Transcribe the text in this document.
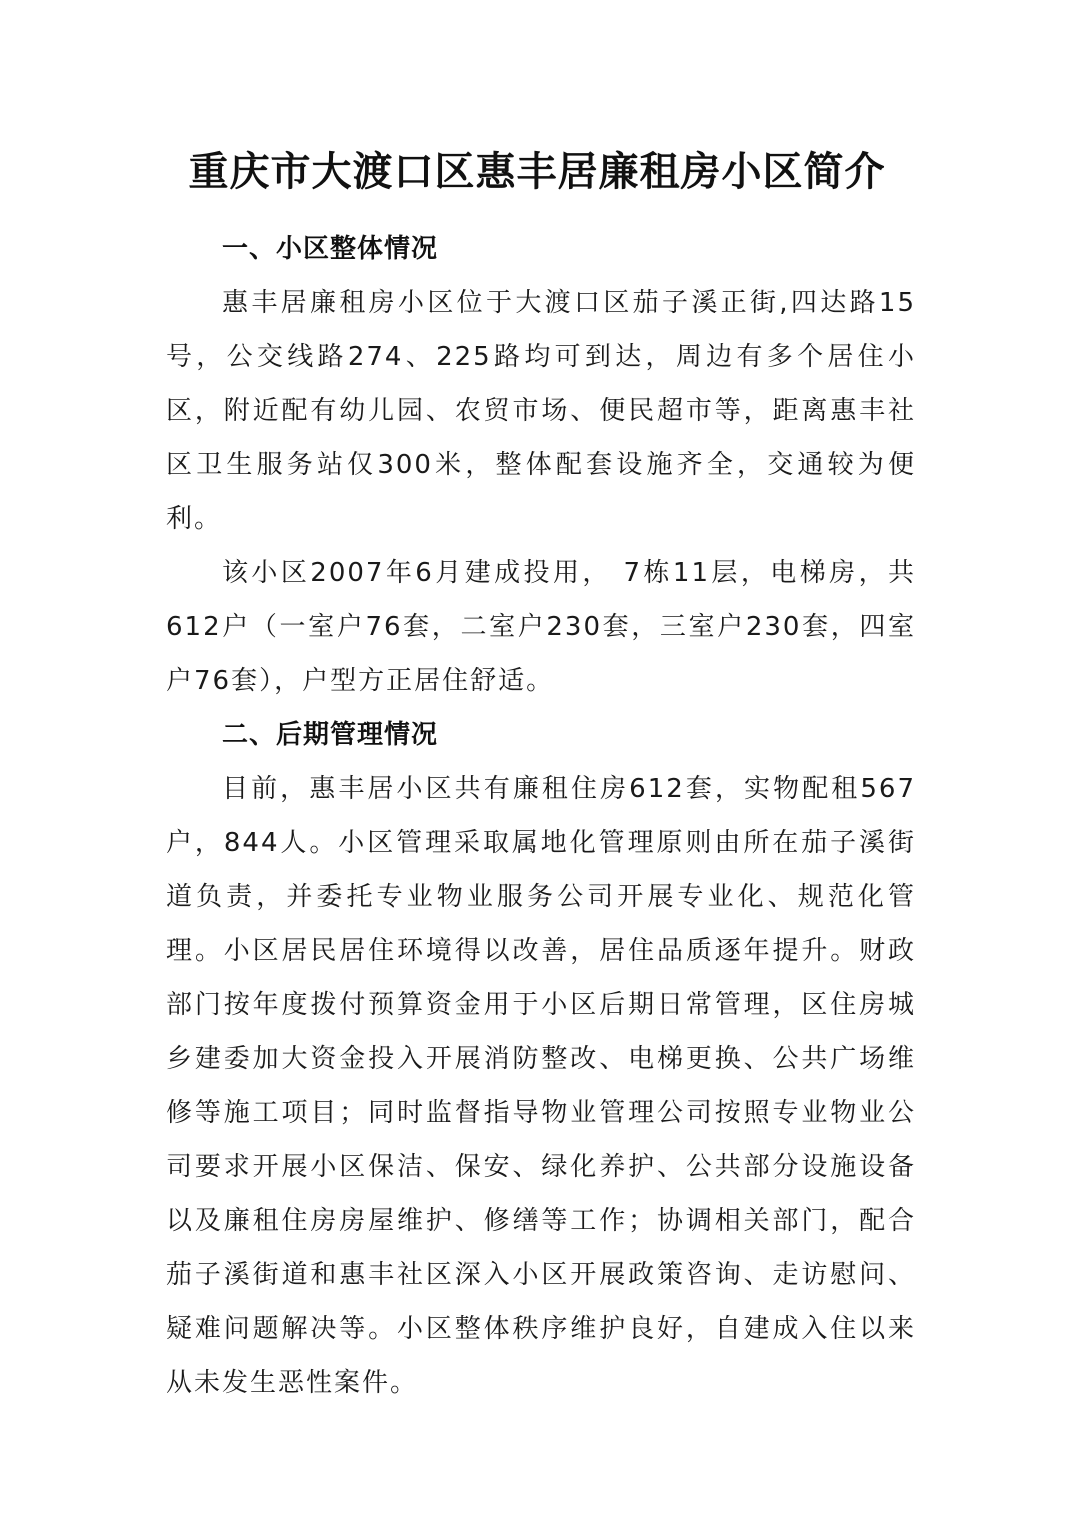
重庆市大渡口区惠丰居廉租房小区简介
一、小区整体情况

惠丰居廉租房小区位于大渡口区茄子溪正街,四达路15号，公交线路274、225路均可到达，周边有多个居住小区，附近配有幼儿园、农贸市场、便民超市等，距离惠丰社区卫生服务站仅300米，整体配套设施齐全，交通较为便利。

该小区2007年6月建成投用， 7栋11层，电梯房，共612户（一室户76套，二室户230套，三室户230套，四室户76套），户型方正居住舒适。

二、后期管理情况

目前，惠丰居小区共有廉租住房612套，实物配租567户，844人。小区管理采取属地化管理原则由所在茄子溪街道负责，并委托专业物业服务公司开展专业化、规范化管理。小区居民居住环境得以改善，居住品质逐年提升。财政部门按年度拨付预算资金用于小区后期日常管理，区住房城乡建委加大资金投入开展消防整改、电梯更换、公共广场维修等施工项目；同时监督指导物业管理公司按照专业物业公司要求开展小区保洁、保安、绿化养护、公共部分设施设备以及廉租住房房屋维护、修缮等工作；协调相关部门，配合茄子溪街道和惠丰社区深入小区开展政策咨询、走访慰问、疑难问题解决等。小区整体秩序维护良好，自建成入住以来从未发生恶性案件。
